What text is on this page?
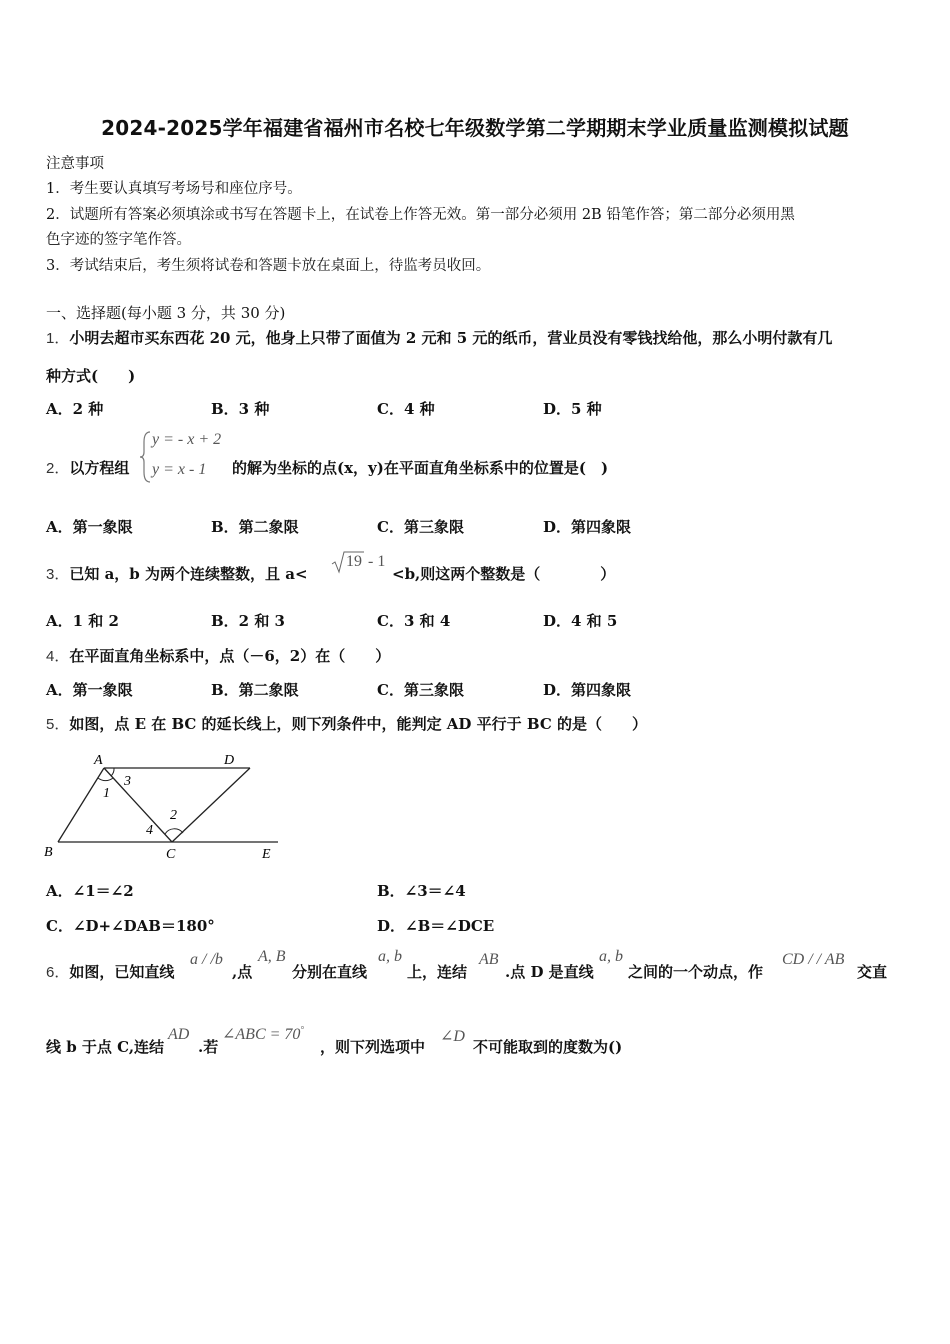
2024-2025学年福建省福州市名校七年级数学第二学期期末学业质量监测模拟试题
注意事项
1．考生要认真填写考场号和座位序号。
2．试题所有答案必须填涂或书写在答题卡上，在试卷上作答无效。第一部分必须用 2B 铅笔作答；第二部分必须用黑
色字迹的签字笔作答。
3．考试结束后，考生须将试卷和答题卡放在桌面上，待监考员收回。
一、选择题(每小题 3 分，共 30 分)
1．小明去超市买东西花 20 元，他身上只带了面值为 2 元和 5 元的纸币，营业员没有零钱找给他，那么小明付款有几
种方式(　　)
A．2 种	B．3 种	C．4 种	D．5 种
2．以方程组
y = - x + 2
y = x - 1 的解为坐标的点(x，y)在平面直角坐标系中的位置是(　)
A．第一象限	B．第二象限	C．第三象限	D．第四象限
3．已知 a，b 为两个连续整数，且 a<
19 - 1
<b,则这两个整数是（　　　　）
A．1 和 2	B．2 和 3	C．3 和 4	D．4 和 5
4．在平面直角坐标系中，点（－6，2）在（　　）
A．第一象限	B．第二象限	C．第三象限	D．第四象限
5．如图，点 E 在 BC 的延长线上，则下列条件中，能判定 AD 平行于 BC 的是（　　）
A	D
B	C	E
1
2
3
4
A．∠1＝∠2	B．∠3＝∠4
C．∠D+∠DAB＝180°	D．∠B＝∠DCE
6．如图，已知直线
a / /b
,点
A, B
分别在直线
a, b
上，连结
AB
.点 D 是直线
a, b
之间的一个动点，作
CD / / AB
交直
线 b 于点 C,连结
AD
.若
∠ABC = 70°
，则下列选项中
∠D
不可能取到的度数为()
